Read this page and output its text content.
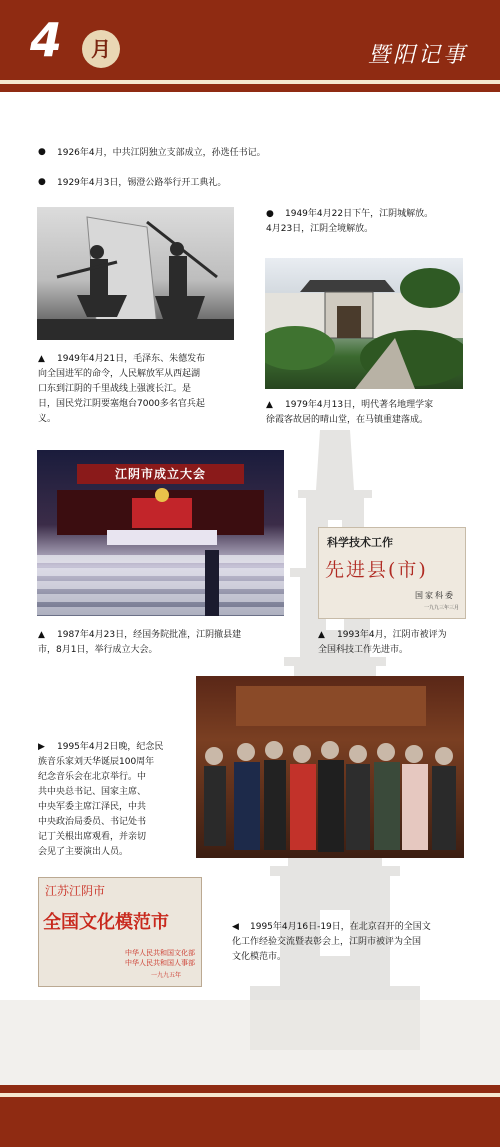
4	月	暨阳记事
● 1926年4月，中共江阴独立支部成立，孙选任书记。
● 1929年4月3日，锡澄公路举行开工典礼。
● 1949年4月22日下午，江阴城解放。
4月23日，江阴全境解放。
▲ 1949年4月21日，毛泽东、朱德发布
向全国进军的命令，人民解放军从西起湖
口东到江阴的千里战线上强渡长江。是
日，国民党江阴要塞炮台7000多名官兵起
义。
▲ 1979年4月13日，明代著名地理学家
徐霞客故居的晴山堂，在马镇重建落成。
江阴市成立大会
科学技术工作
先进县(市)
国家科委
一九九三年三月
▲ 1987年4月23日，经国务院批准，江阴撤县建
市，8月1日，举行成立大会。
▲ 1993年4月，江阴市被评为
全国科技工作先进市。
▶ 1995年4月2日晚，纪念民
族音乐家刘天华诞辰100周年
纪念音乐会在北京举行。中
共中央总书记、国家主席、
中央军委主席江泽民，中共
中央政治局委员、书记处书
记丁关根出席观看，并亲切
会见了主要演出人员。
江苏江阴市
全国文化模范市
中华人民共和国文化部
中华人民共和国人事部
一九九五年
◀ 1995年4月16日-19日，在北京召开的全国文
化工作经验交流暨表彰会上，江阴市被评为全国
文化模范市。
